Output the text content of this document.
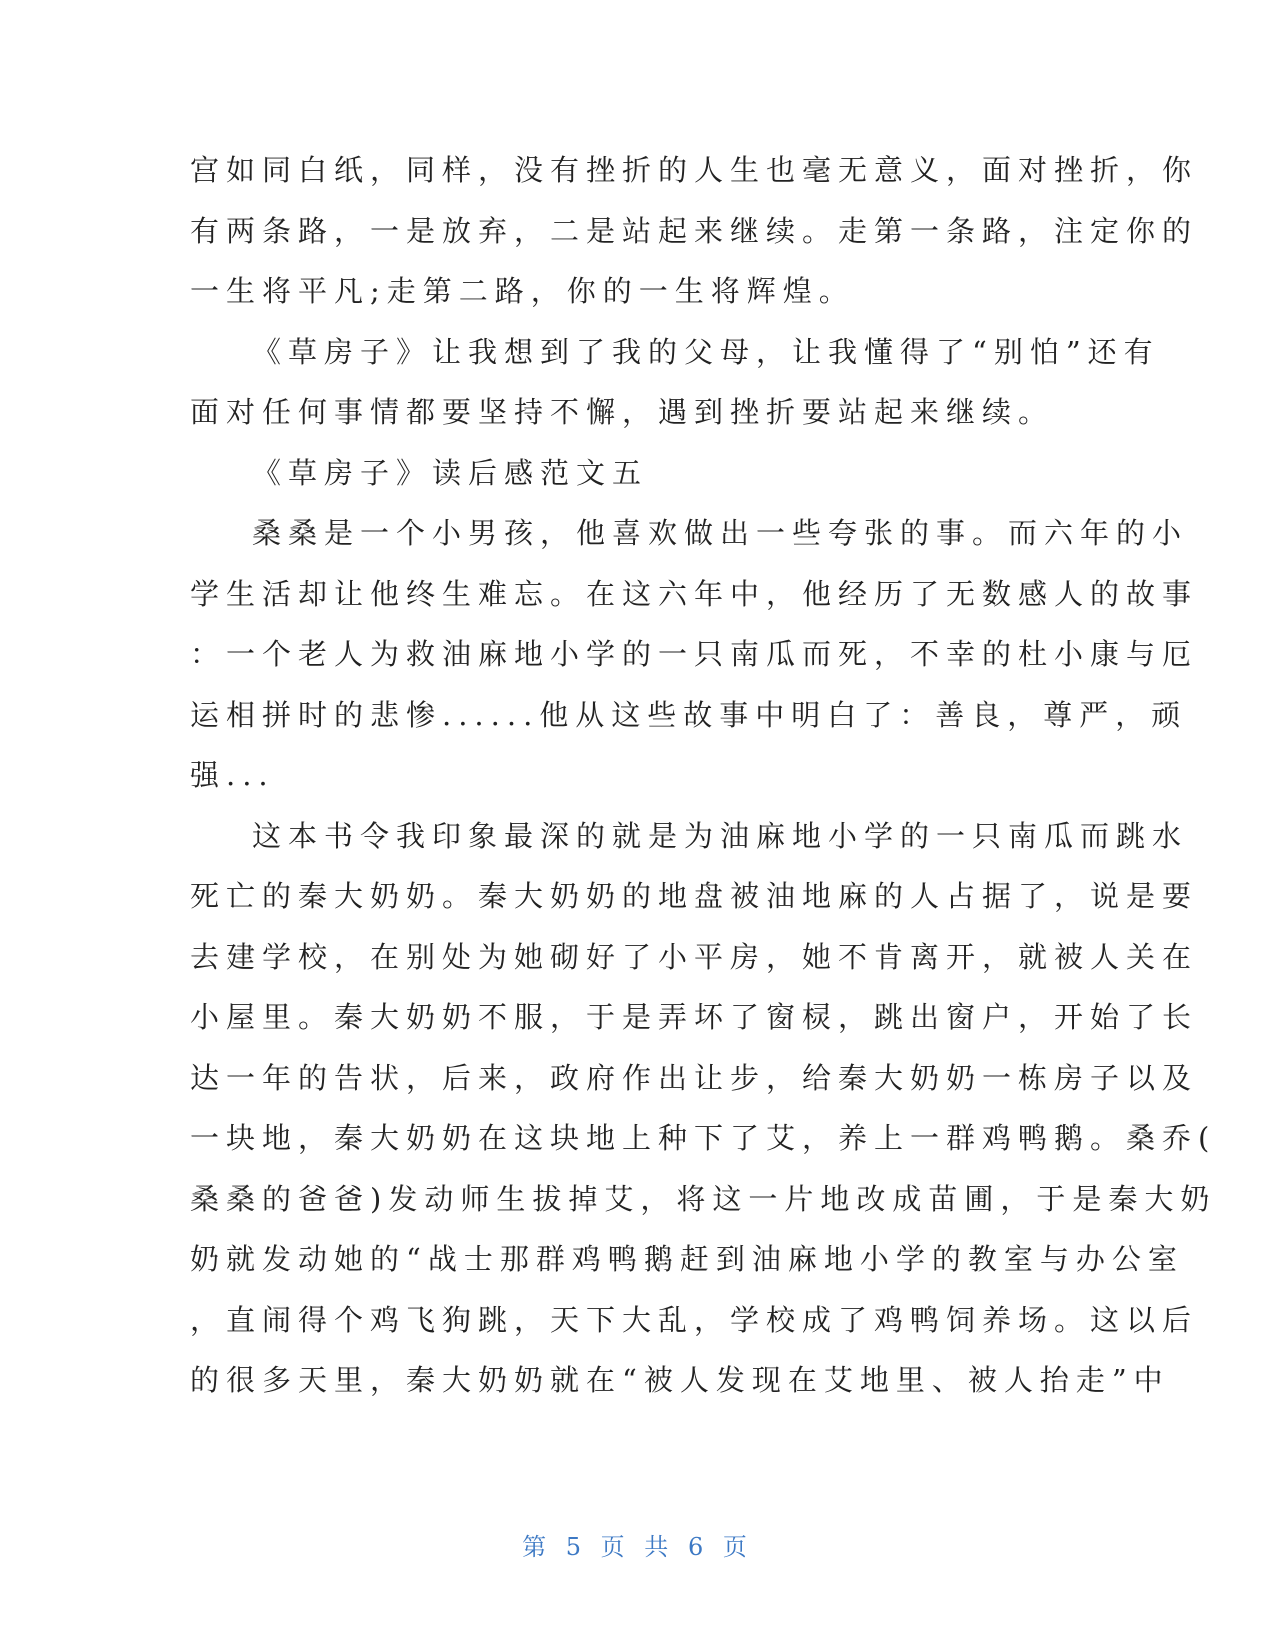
宫如同白纸，同样，没有挫折的人生也毫无意义，面对挫折，你
有两条路，一是放弃，二是站起来继续。走第一条路，注定你的
一生将平凡;走第二路，你的一生将辉煌。
《草房子》让我想到了我的父母，让我懂得了“别怕”还有
面对任何事情都要坚持不懈，遇到挫折要站起来继续。
《草房子》读后感范文五
桑桑是一个小男孩，他喜欢做出一些夸张的事。而六年的小
学生活却让他终生难忘。在这六年中，他经历了无数感人的故事
：一个老人为救油麻地小学的一只南瓜而死，不幸的杜小康与厄
运相拼时的悲惨......他从这些故事中明白了：善良，尊严，顽
强...
这本书令我印象最深的就是为油麻地小学的一只南瓜而跳水
死亡的秦大奶奶。秦大奶奶的地盘被油地麻的人占据了，说是要
去建学校，在别处为她砌好了小平房，她不肯离开，就被人关在
小屋里。秦大奶奶不服，于是弄坏了窗棂，跳出窗户，开始了长
达一年的告状，后来，政府作出让步，给秦大奶奶一栋房子以及
一块地，秦大奶奶在这块地上种下了艾，养上一群鸡鸭鹅。桑乔(
桑桑的爸爸)发动师生拔掉艾，将这一片地改成苗圃，于是秦大奶
奶就发动她的“战士那群鸡鸭鹅赶到油麻地小学的教室与办公室
，直闹得个鸡飞狗跳，天下大乱，学校成了鸡鸭饲养场。这以后
的很多天里，秦大奶奶就在“被人发现在艾地里、被人抬走”中
第 5 页 共 6 页
